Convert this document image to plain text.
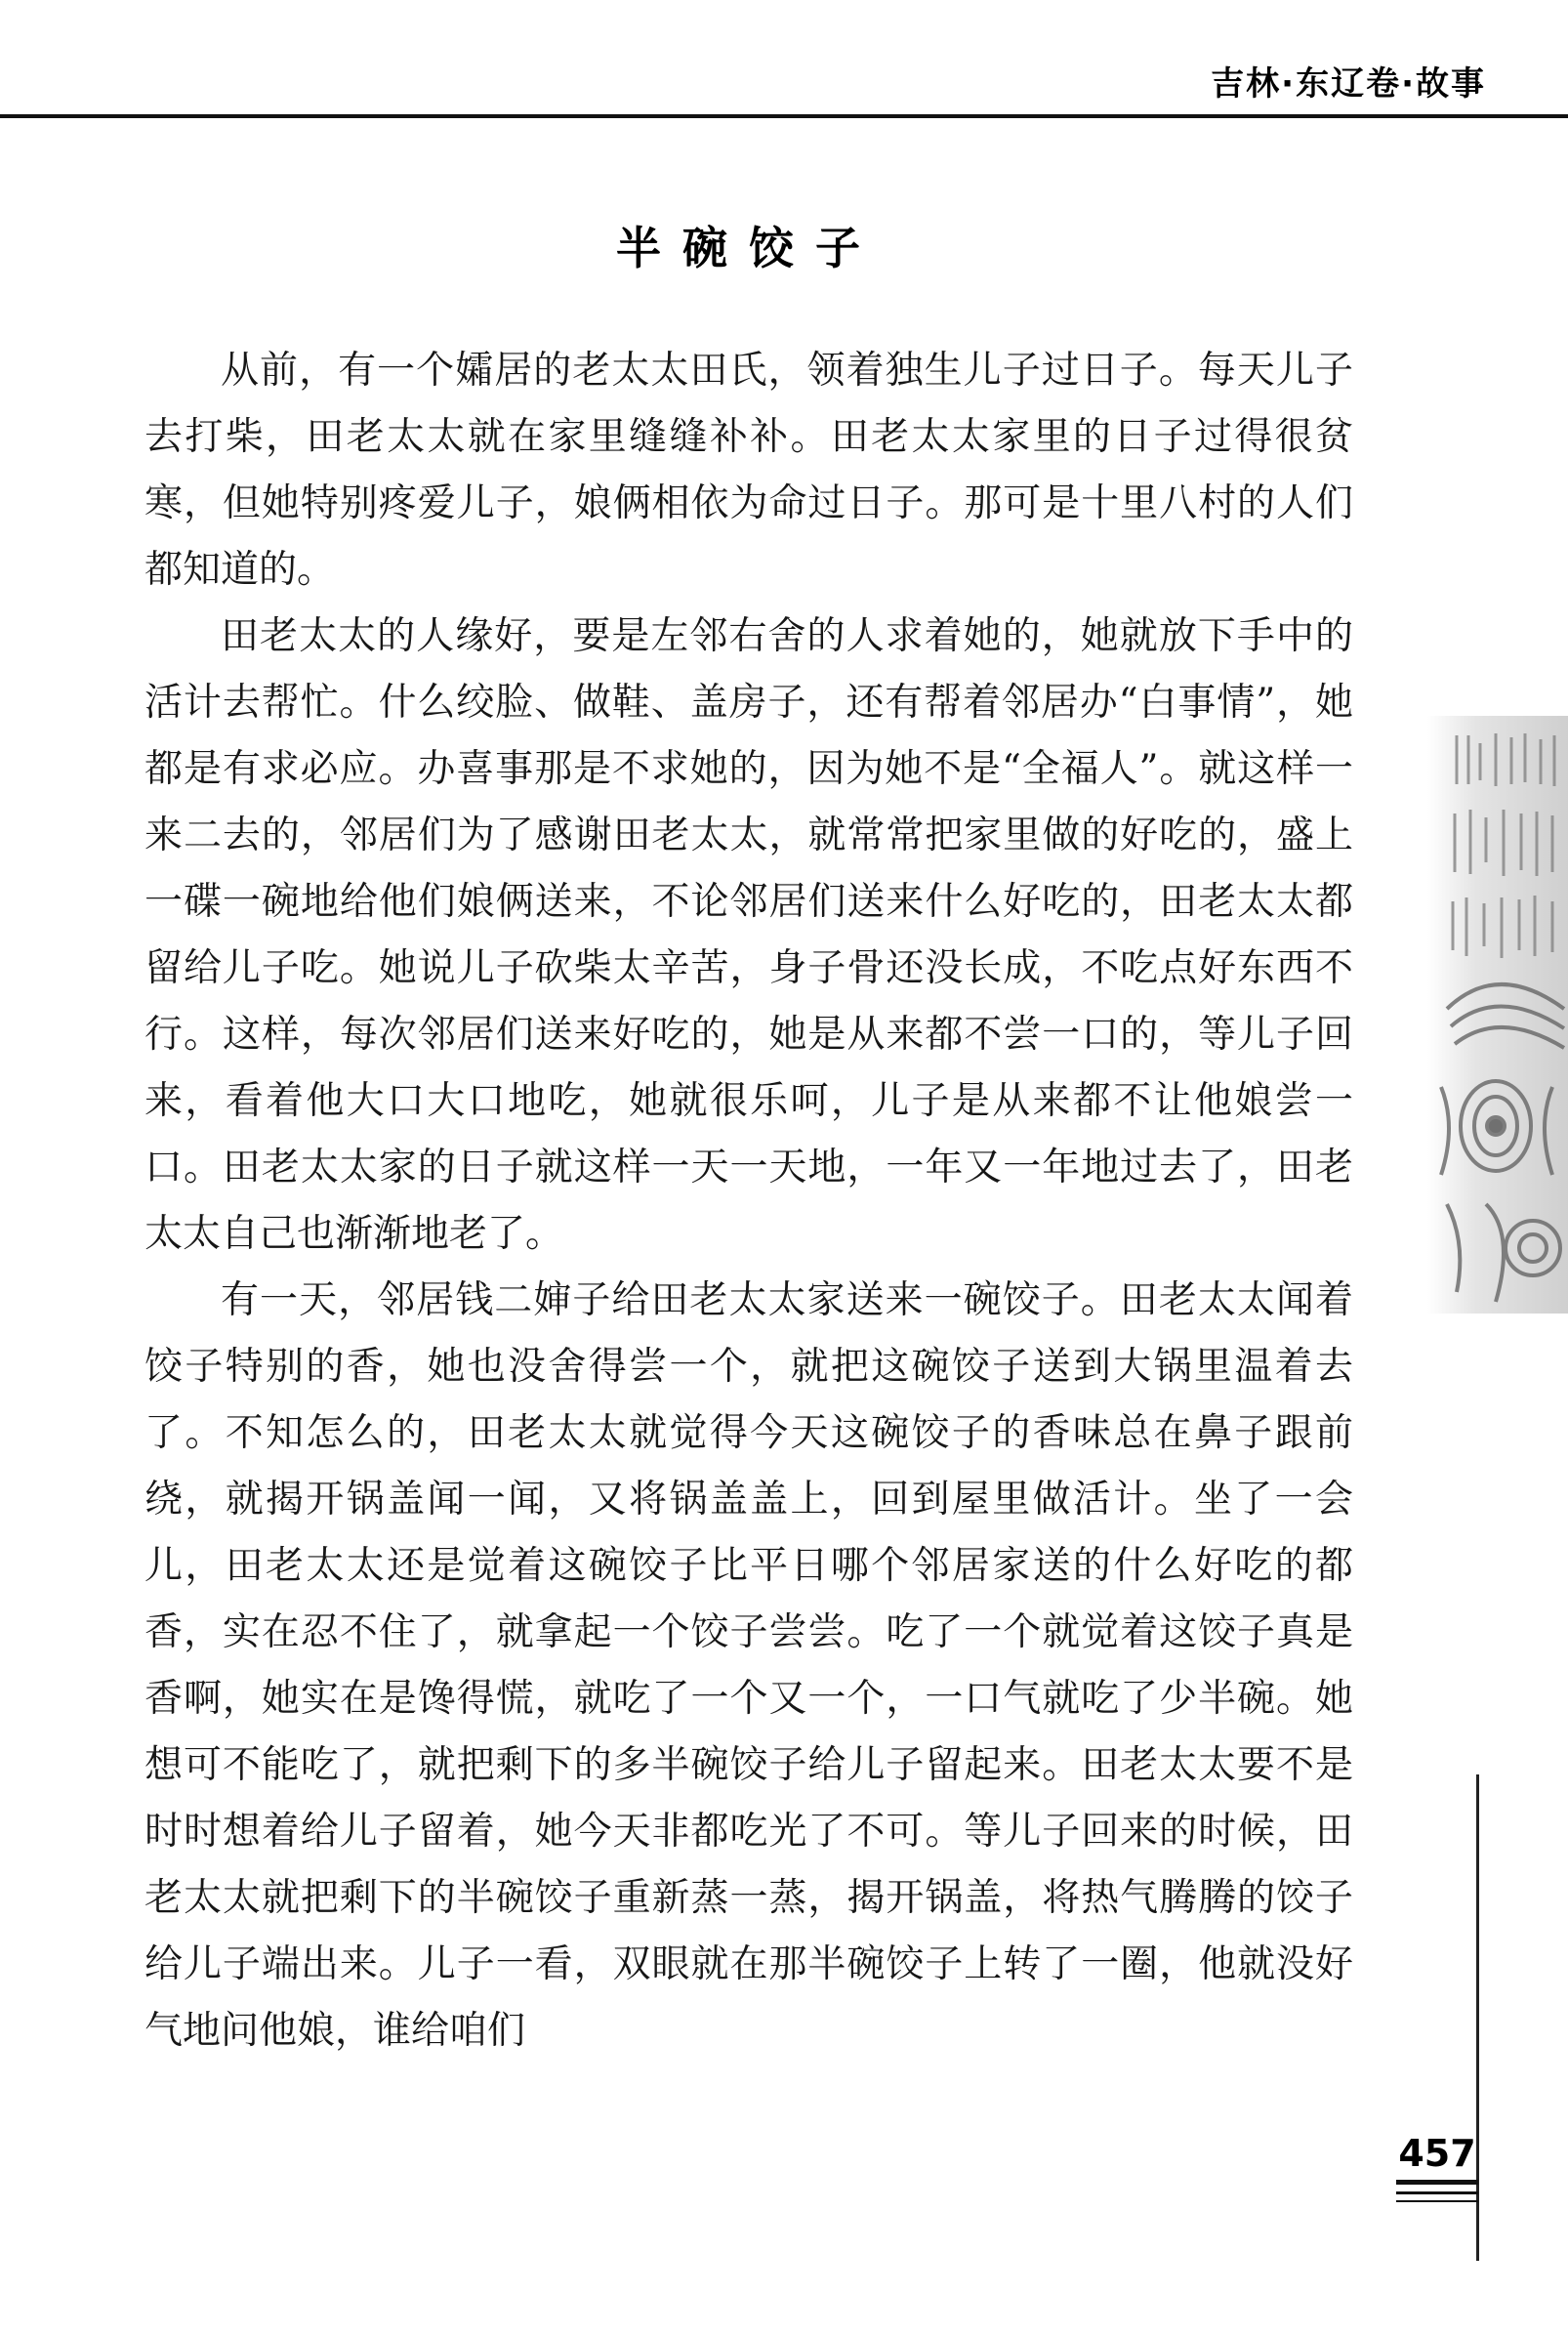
吉林·东辽卷·故事
半碗饺子

从前，有一个孀居的老太太田氏，领着独生儿子过日子。每天儿子去打柴，田老太太就在家里缝缝补补。田老太太家里的日子过得很贫寒，但她特别疼爱儿子，娘俩相依为命过日子。那可是十里八村的人们都知道的。

田老太太的人缘好，要是左邻右舍的人求着她的，她就放下手中的活计去帮忙。什么绞脸、做鞋、盖房子，还有帮着邻居办“白事情”，她都是有求必应。办喜事那是不求她的，因为她不是“全福人”。就这样一来二去的，邻居们为了感谢田老太太，就常常把家里做的好吃的，盛上一碟一碗地给他们娘俩送来，不论邻居们送来什么好吃的，田老太太都留给儿子吃。她说儿子砍柴太辛苦，身子骨还没长成，不吃点好东西不行。这样，每次邻居们送来好吃的，她是从来都不尝一口的，等儿子回来，看着他大口大口地吃，她就很乐呵，儿子是从来都不让他娘尝一口。田老太太家的日子就这样一天一天地，一年又一年地过去了，田老太太自己也渐渐地老了。

有一天，邻居钱二婶子给田老太太家送来一碗饺子。田老太太闻着饺子特别的香，她也没舍得尝一个，就把这碗饺子送到大锅里温着去了。不知怎么的，田老太太就觉得今天这碗饺子的香味总在鼻子跟前绕，就揭开锅盖闻一闻，又将锅盖盖上，回到屋里做活计。坐了一会儿，田老太太还是觉着这碗饺子比平日哪个邻居家送的什么好吃的都香，实在忍不住了，就拿起一个饺子尝尝。吃了一个就觉着这饺子真是香啊，她实在是馋得慌，就吃了一个又一个，一口气就吃了少半碗。她想可不能吃了，就把剩下的多半碗饺子给儿子留起来。田老太太要不是时时想着给儿子留着，她今天非都吃光了不可。等儿子回来的时候，田老太太就把剩下的半碗饺子重新蒸一蒸，揭开锅盖，将热气腾腾的饺子给儿子端出来。儿子一看，双眼就在那半碗饺子上转了一圈，他就没好气地问他娘，谁给咱们

457
